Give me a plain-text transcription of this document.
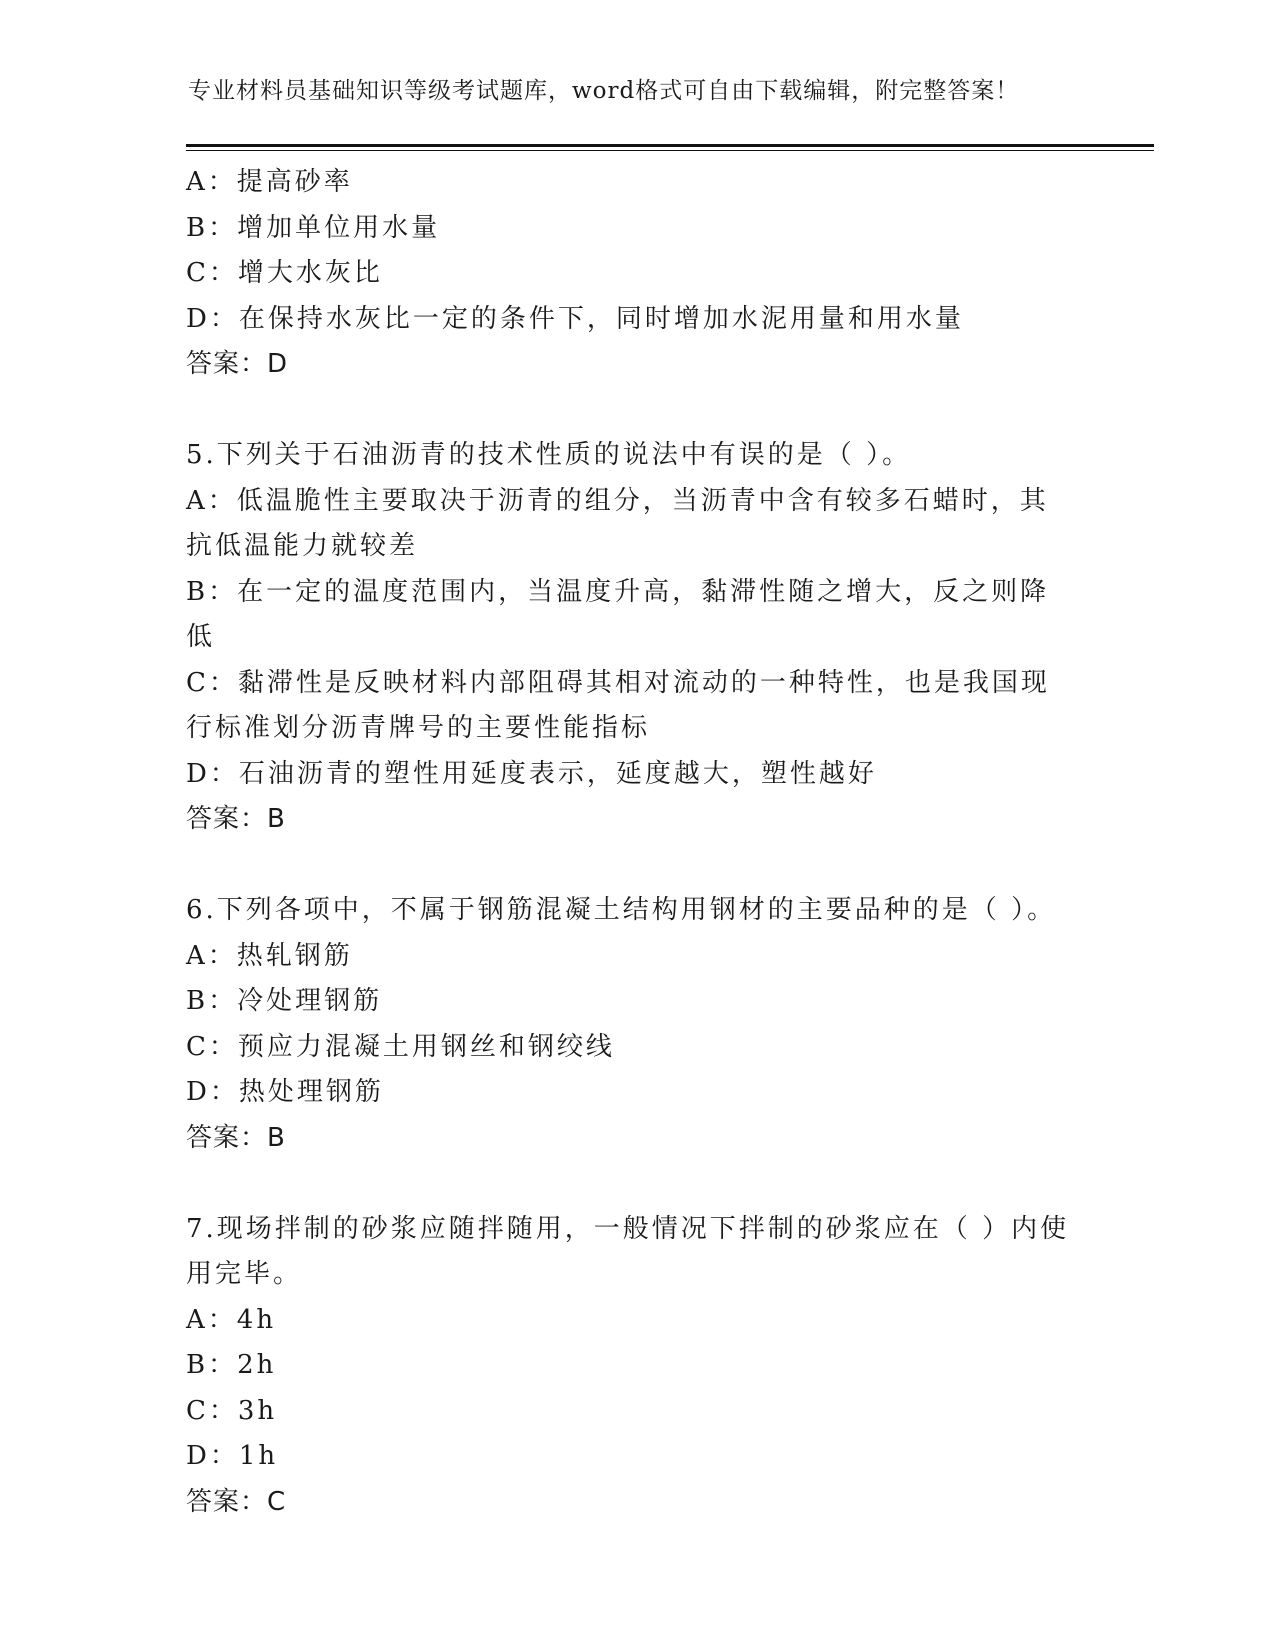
专业材料员基础知识等级考试题库，word格式可自由下载编辑，附完整答案！
A：提高砂率
B：增加单位用水量
C：增大水灰比
D：在保持水灰比一定的条件下，同时增加水泥用量和用水量
答案：D
5.下列关于石油沥青的技术性质的说法中有误的是（ ）。
A：低温脆性主要取决于沥青的组分，当沥青中含有较多石蜡时，其抗低温能力就较差
B：在一定的温度范围内，当温度升高，黏滞性随之增大，反之则降低
C：黏滞性是反映材料内部阻碍其相对流动的一种特性，也是我国现行标准划分沥青牌号的主要性能指标
D：石油沥青的塑性用延度表示，延度越大，塑性越好
答案：B
6.下列各项中，不属于钢筋混凝土结构用钢材的主要品种的是（ ）。
A：热轧钢筋
B：冷处理钢筋
C：预应力混凝土用钢丝和钢绞线
D：热处理钢筋
答案：B
7.现场拌制的砂浆应随拌随用，一般情况下拌制的砂浆应在（ ）内使用完毕。
A：4h
B：2h
C：3h
D：1h
答案：C
